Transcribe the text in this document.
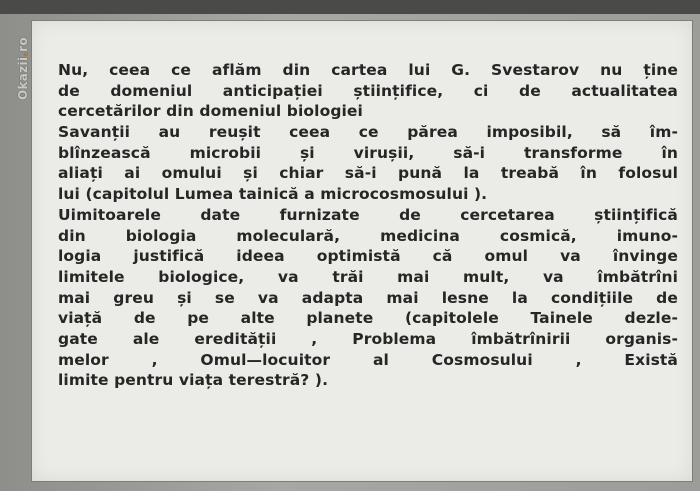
Okazii.ro
Nu, ceea ce aflăm din cartea lui G. Svestarov nu ține
de domeniul anticipației științifice, ci de actualitatea
cercetărilor din domeniul biologiei
Savanții au reușit ceea ce părea imposibil, să îm-
blînzească microbii și virușii, să-i transforme în
aliați ai omului și chiar să-i pună la treabă în folosul
lui (capitolul Lumea tainică a microcosmosului ).
Uimitoarele date furnizate de cercetarea științifică
din biologia moleculară, medicina cosmică, imuno-
logia justifică ideea optimistă că omul va învinge
limitele biologice, va trăi mai mult, va îmbătrîni
mai greu și se va adapta mai lesne la condițiile de
viață de pe alte planete (capitolele Tainele dezle-
gate ale eredității , Problema îmbătrînirii organis-
melor , Omul—locuitor al Cosmosului , Există
limite pentru viața terestră? ).
